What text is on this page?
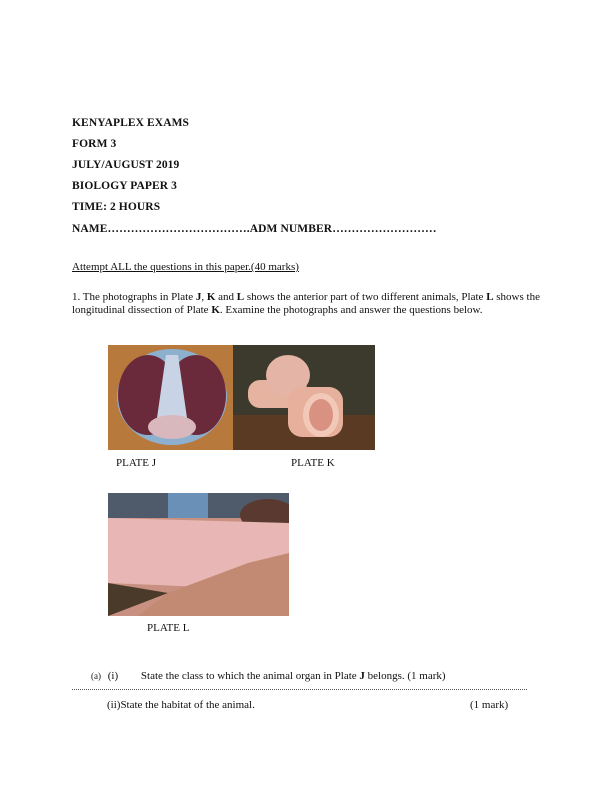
KENYAPLEX EXAMS
FORM 3
JULY/AUGUST 2019
BIOLOGY PAPER 3
TIME: 2 HOURS
NAME……………………………….ADM NUMBER………………………
Attempt ALL the questions in this paper.(40 marks)
1. The photographs in Plate J, K and L shows the anterior part of two different animals, Plate L shows the longitudinal dissection of Plate K. Examine the photographs and answer the questions below.
PLATE J	PLATE K
PLATE L
(a) (i) State the class to which the animal organ in Plate J belongs. (1 mark)
(ii)State the habitat of the animal.	(1 mark)
